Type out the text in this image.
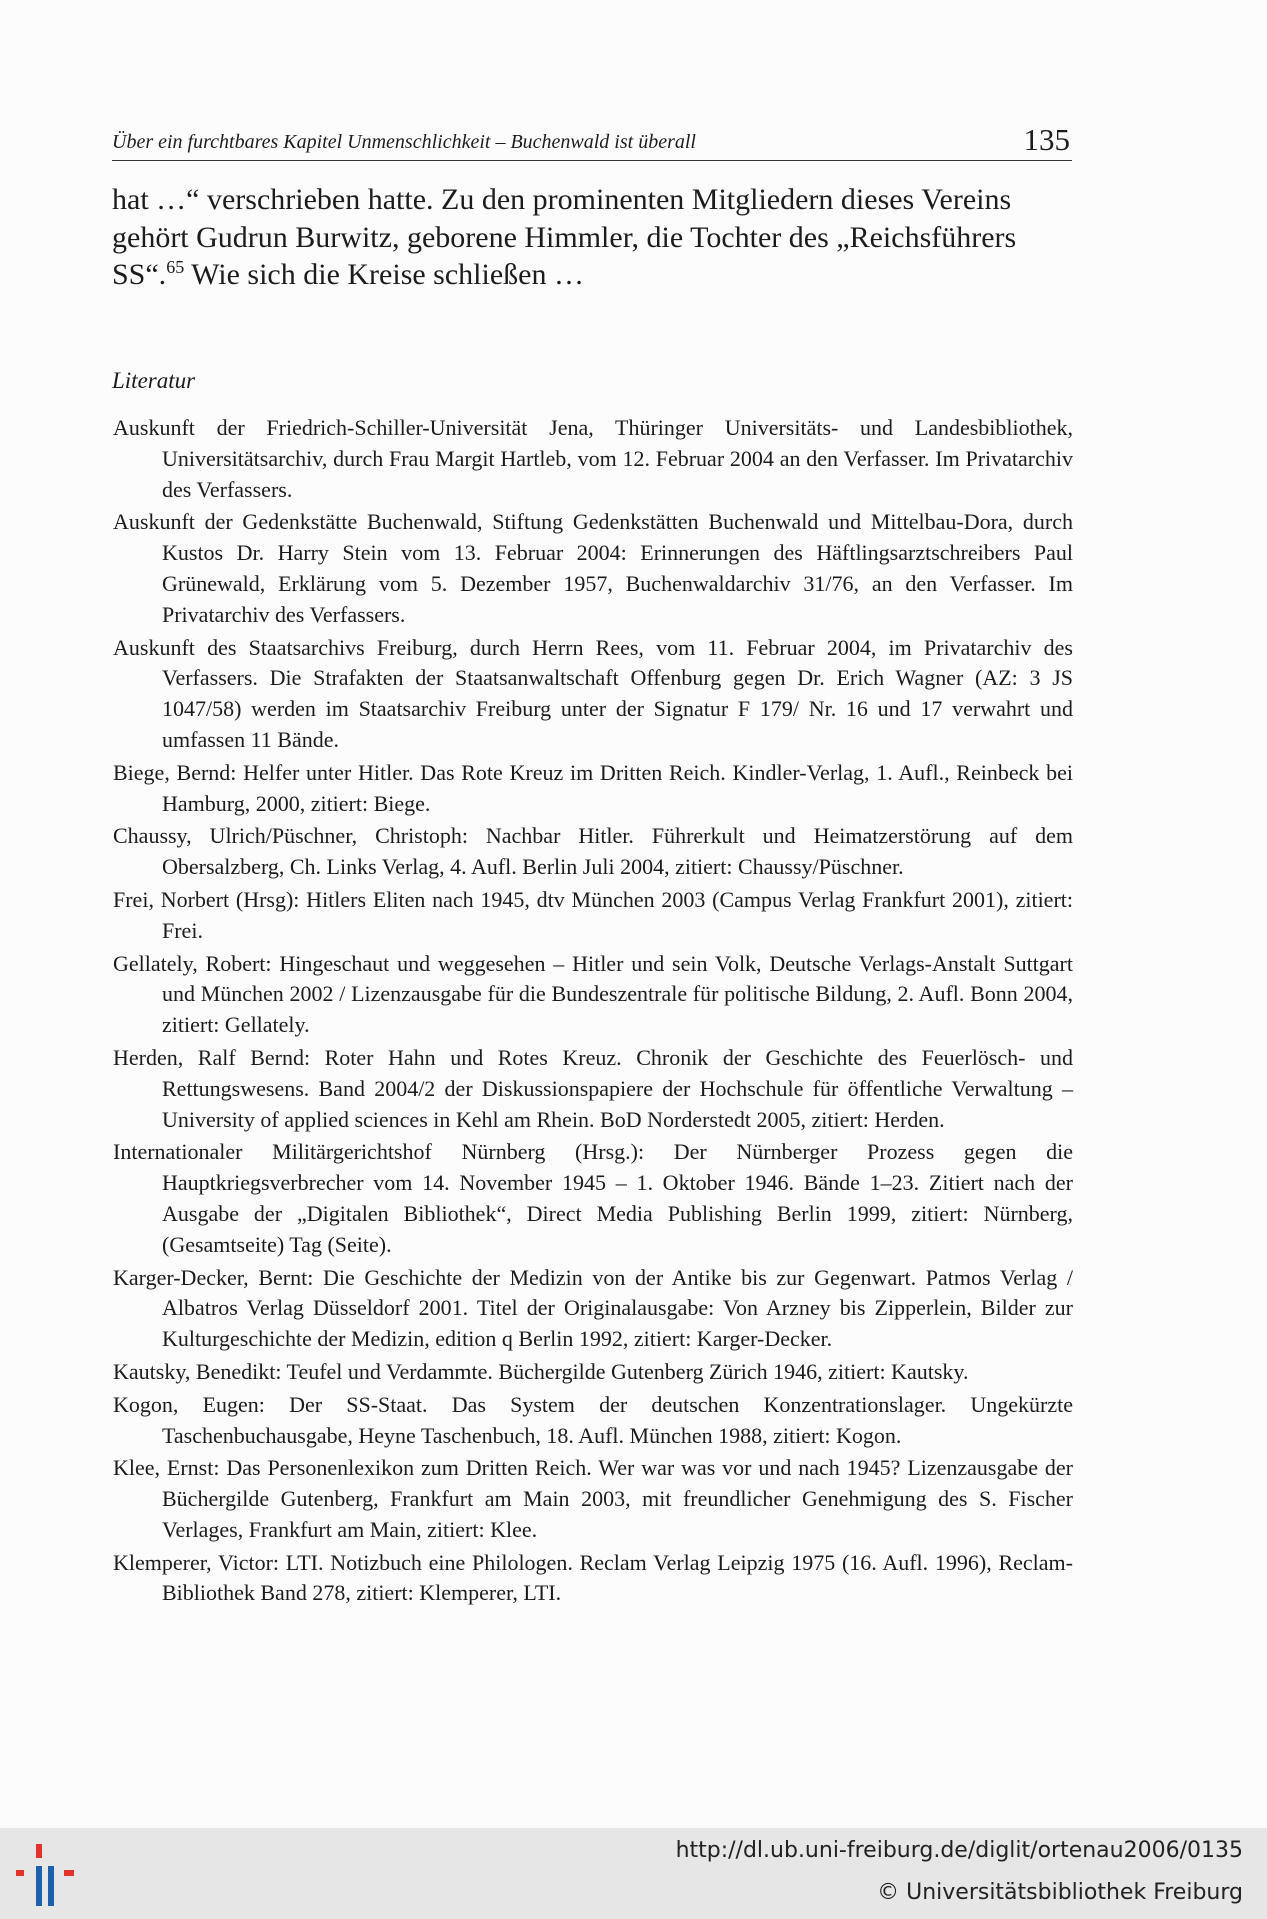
Über ein furchtbares Kapitel Unmenschlichkeit – Buchenwald ist überall	135

hat …“ verschrieben hatte. Zu den prominenten Mitgliedern dieses Vereins gehört Gudrun Burwitz, geborene Himmler, die Tochter des „Reichsführers SS“.$^{65}$ Wie sich die Kreise schließen …

Literatur
Auskunft der Friedrich-Schiller-Universität Jena, Thüringer Universitäts- und Landesbibliothek, Universitätsarchiv, durch Frau Margit Hartleb, vom 12. Februar 2004 an den Verfasser. Im Privatarchiv des Verfassers.
Auskunft der Gedenkstätte Buchenwald, Stiftung Gedenkstätten Buchenwald und Mittelbau-Dora, durch Kustos Dr. Harry Stein vom 13. Februar 2004: Erinnerungen des Häftlingsarztschreibers Paul Grünewald, Erklärung vom 5. Dezember 1957, Buchenwaldarchiv 31/76, an den Verfasser. Im Privatarchiv des Verfassers.
Auskunft des Staatsarchivs Freiburg, durch Herrn Rees, vom 11. Februar 2004, im Privatarchiv des Verfassers. Die Strafakten der Staatsanwaltschaft Offenburg gegen Dr. Erich Wagner (AZ: 3 JS 1047/58) werden im Staatsarchiv Freiburg unter der Signatur F 179/ Nr. 16 und 17 verwahrt und umfassen 11 Bände.
Biege, Bernd: Helfer unter Hitler. Das Rote Kreuz im Dritten Reich. Kindler-Verlag, 1. Aufl., Reinbeck bei Hamburg, 2000, zitiert: Biege.
Chaussy, Ulrich/Püschner, Christoph: Nachbar Hitler. Führerkult und Heimatzerstörung auf dem Obersalzberg, Ch. Links Verlag, 4. Aufl. Berlin Juli 2004, zitiert: Chaussy/Püschner.
Frei, Norbert (Hrsg): Hitlers Eliten nach 1945, dtv München 2003 (Campus Verlag Frankfurt 2001), zitiert: Frei.
Gellately, Robert: Hingeschaut und weggesehen – Hitler und sein Volk, Deutsche Verlags-Anstalt Suttgart und München 2002 / Lizenzausgabe für die Bundeszentrale für politische Bildung, 2. Aufl. Bonn 2004, zitiert: Gellately.
Herden, Ralf Bernd: Roter Hahn und Rotes Kreuz. Chronik der Geschichte des Feuerlösch- und Rettungswesens. Band 2004/2 der Diskussionspapiere der Hochschule für öffentliche Verwaltung – University of applied sciences in Kehl am Rhein. BoD Norderstedt 2005, zitiert: Herden.
Internationaler Militärgerichtshof Nürnberg (Hrsg.): Der Nürnberger Prozess gegen die Hauptkriegsverbrecher vom 14. November 1945 – 1. Oktober 1946. Bände 1–23. Zitiert nach der Ausgabe der „Digitalen Bibliothek“, Direct Media Publishing Berlin 1999, zitiert: Nürnberg, (Gesamtseite) Tag (Seite).
Karger-Decker, Bernt: Die Geschichte der Medizin von der Antike bis zur Gegenwart. Patmos Verlag / Albatros Verlag Düsseldorf 2001. Titel der Originalausgabe: Von Arzney bis Zipperlein, Bilder zur Kulturgeschichte der Medizin, edition q Berlin 1992, zitiert: Karger-Decker.
Kautsky, Benedikt: Teufel und Verdammte. Büchergilde Gutenberg Zürich 1946, zitiert: Kautsky.
Kogon, Eugen: Der SS-Staat. Das System der deutschen Konzentrationslager. Ungekürzte Taschenbuchausgabe, Heyne Taschenbuch, 18. Aufl. München 1988, zitiert: Kogon.
Klee, Ernst: Das Personenlexikon zum Dritten Reich. Wer war was vor und nach 1945? Lizenzausgabe der Büchergilde Gutenberg, Frankfurt am Main 2003, mit freundlicher Genehmigung des S. Fischer Verlages, Frankfurt am Main, zitiert: Klee.
Klemperer, Victor: LTI. Notizbuch eine Philologen. Reclam Verlag Leipzig 1975 (16. Aufl. 1996), Reclam-Bibliothek Band 278, zitiert: Klemperer, LTI.
http://dl.ub.uni-freiburg.de/diglit/ortenau2006/0135
© Universitätsbibliothek Freiburg
